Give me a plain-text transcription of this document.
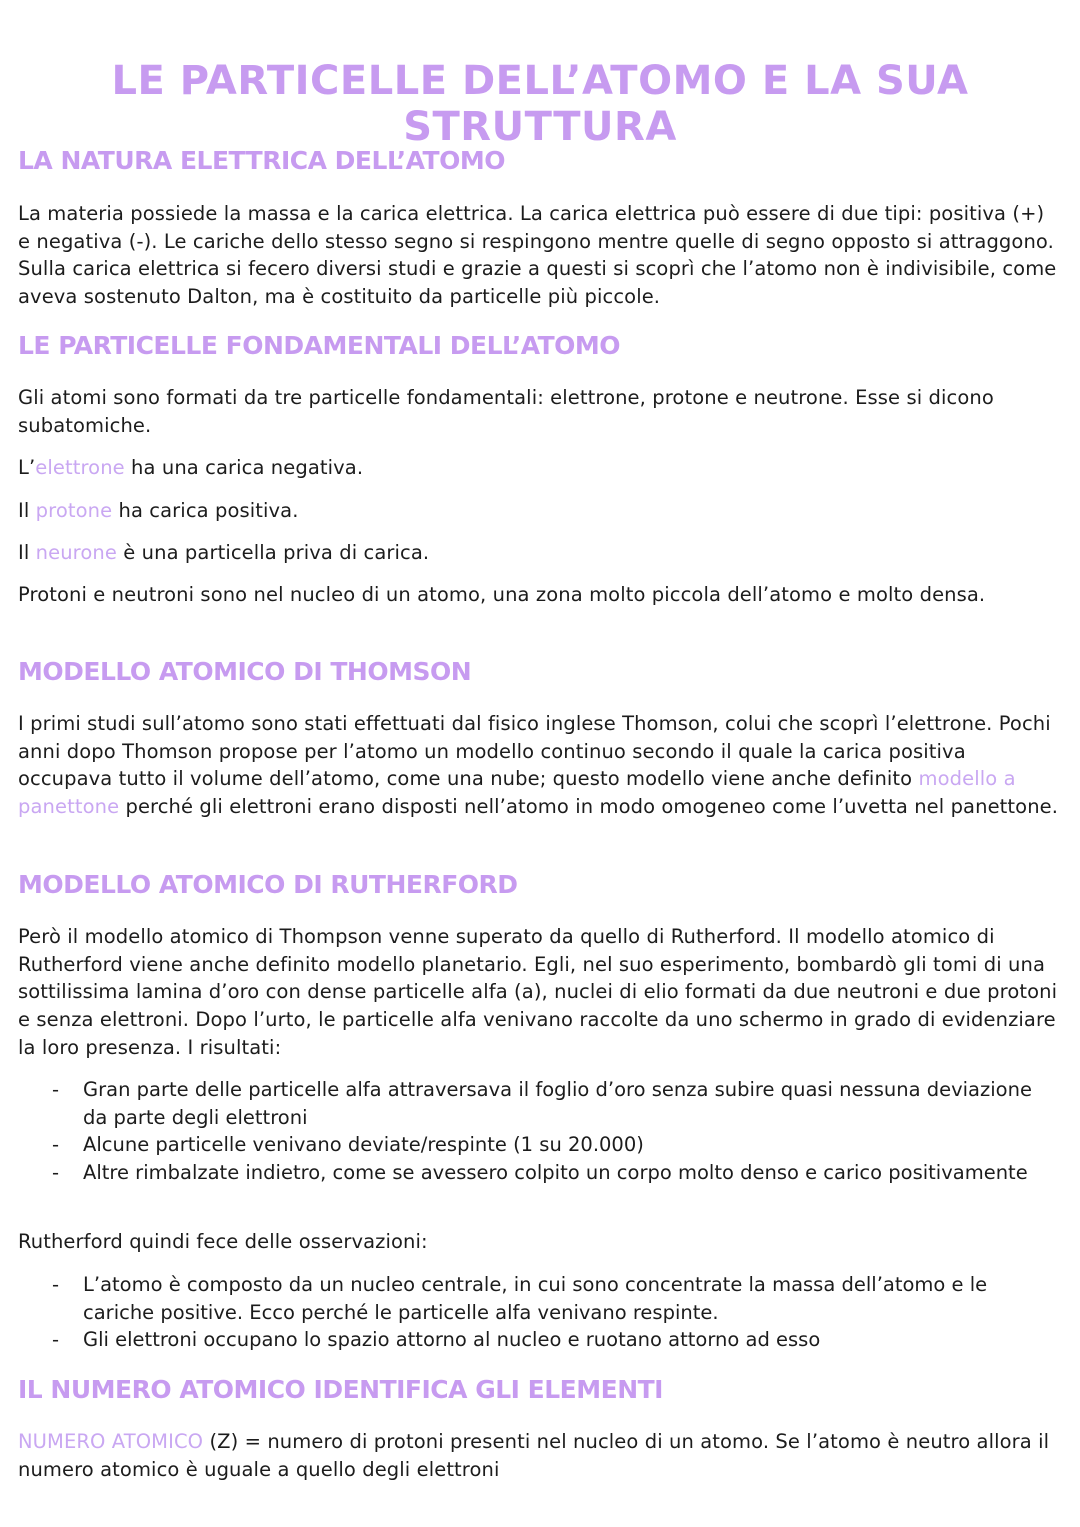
LE PARTICELLE DELL’ATOMO E LA SUA STRUTTURA
LA NATURA ELETTRICA DELL’ATOMO

La materia possiede la massa e la carica elettrica. La carica elettrica può essere di due tipi: positiva (+) e negativa (-). Le cariche dello stesso segno si respingono mentre quelle di segno opposto si attraggono. Sulla carica elettrica si fecero diversi studi e grazie a questi si scoprì che l’atomo non è indivisibile, come aveva sostenuto Dalton, ma è costituito da particelle più piccole.

LE PARTICELLE FONDAMENTALI DELL’ATOMO

Gli atomi sono formati da tre particelle fondamentali: elettrone, protone e neutrone. Esse si dicono subatomiche.

L’elettrone ha una carica negativa.

Il protone ha carica positiva.

Il neurone è una particella priva di carica.

Protoni e neutroni sono nel nucleo di un atomo, una zona molto piccola dell’atomo e molto densa.

MODELLO ATOMICO DI THOMSON

I primi studi sull’atomo sono stati effettuati dal fisico inglese Thomson, colui che scoprì l’elettrone. Pochi anni dopo Thomson propose per l’atomo un modello continuo secondo il quale la carica positiva occupava tutto il volume dell’atomo, come una nube; questo modello viene anche definito modello a panettone perché gli elettroni erano disposti nell’atomo in modo omogeneo come l’uvetta nel panettone.

MODELLO ATOMICO DI RUTHERFORD

Però il modello atomico di Thompson venne superato da quello di Rutherford. Il modello atomico di Rutherford viene anche definito modello planetario. Egli, nel suo esperimento, bombardò gli tomi di una sottilissima lamina d’oro con dense particelle alfa (a), nuclei di elio formati da due neutroni e due protoni e senza elettroni. Dopo l’urto, le particelle alfa venivano raccolte da uno schermo in grado di evidenziare la loro presenza. I risultati:

- Gran parte delle particelle alfa attraversava il foglio d’oro senza subire quasi nessuna deviazione da parte degli elettroni
- Alcune particelle venivano deviate/respinte (1 su 20.000)
- Altre rimbalzate indietro, come se avessero colpito un corpo molto denso e carico positivamente

Rutherford quindi fece delle osservazioni:

- L’atomo è composto da un nucleo centrale, in cui sono concentrate la massa dell’atomo e le cariche positive. Ecco perché le particelle alfa venivano respinte.
- Gli elettroni occupano lo spazio attorno al nucleo e ruotano attorno ad esso
IL NUMERO ATOMICO IDENTIFICA GLI ELEMENTI

NUMERO ATOMICO (Z) = numero di protoni presenti nel nucleo di un atomo. Se l’atomo è neutro allora il numero atomico è uguale a quello degli elettroni
